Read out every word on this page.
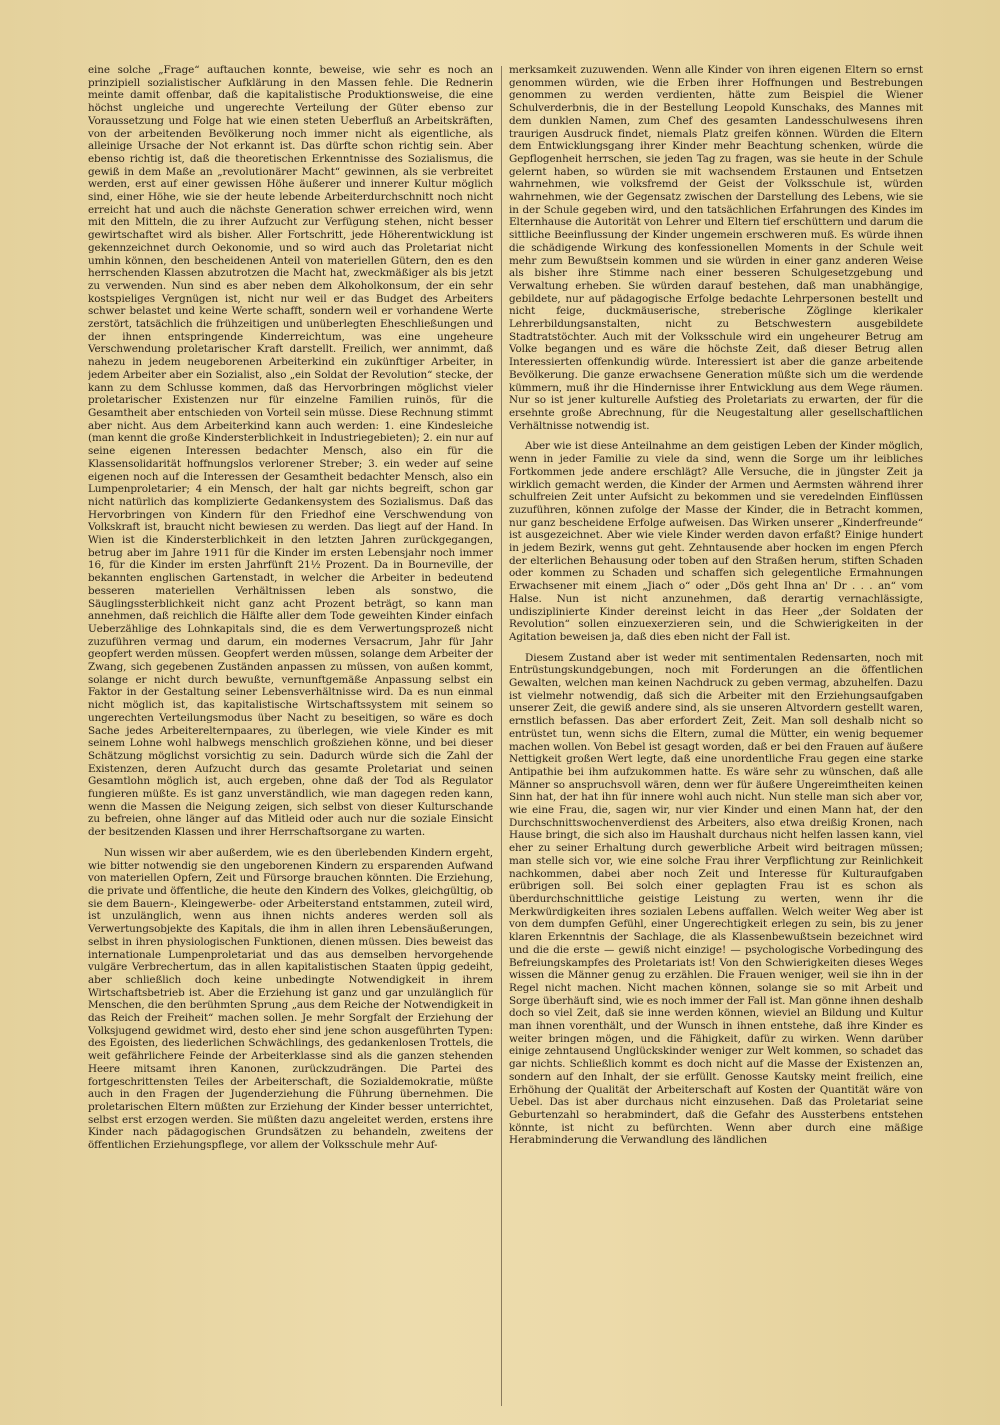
eine solche „Frage“ auftauchen konnte, beweise, wie sehr es noch an prinzipiell sozialistischer Aufklärung in den Massen fehle. Die Rednerin meinte damit offenbar, daß die kapitalistische Produktionsweise, die eine höchst ungleiche und ungerechte Verteilung der Güter ebenso zur Voraussetzung und Folge hat wie einen steten Ueberfluß an Arbeitskräften, von der arbeitenden Bevölkerung noch immer nicht als eigentliche, als alleinige Ursache der Not erkannt ist. Das dürfte schon richtig sein. Aber ebenso richtig ist, daß die theoretischen Erkenntnisse des Sozialismus, die gewiß in dem Maße an „revolutionärer Macht“ gewinnen, als sie verbreitet werden, erst auf einer gewissen Höhe äußerer und innerer Kultur möglich sind, einer Höhe, wie sie der heute lebende Arbeiterdurchschnitt noch nicht erreicht hat und auch die nächste Generation schwer erreichen wird, wenn mit den Mitteln, die zu ihrer Aufzucht zur Verfügung stehen, nicht besser gewirtschaftet wird als bisher. Aller Fortschritt, jede Höherentwicklung ist gekennzeichnet durch Oekonomie, und so wird auch das Proletariat nicht umhin können, den bescheidenen Anteil von materiellen Gütern, den es den herrschenden Klassen abzutrotzen die Macht hat, zweckmäßiger als bis jetzt zu verwenden. Nun sind es aber neben dem Alkoholkonsum, der ein sehr kostspieliges Vergnügen ist, nicht nur weil er das Budget des Arbeiters schwer belastet und keine Werte schafft, sondern weil er vorhandene Werte zerstört, tatsächlich die frühzeitigen und unüberlegten Eheschließungen und der ihnen entspringende Kinderreichtum, was eine ungeheure Verschwendung proletarischer Kraft darstellt. Freilich, wer annimmt, daß nahezu in jedem neugeborenen Arbeiterkind ein zukünftiger Arbeiter, in jedem Arbeiter aber ein Sozialist, also „ein Soldat der Revolution“ stecke, der kann zu dem Schlusse kommen, daß das Hervorbringen möglichst vieler proletarischer Existenzen nur für einzelne Familien ruinös, für die Gesamtheit aber entschieden von Vorteil sein müsse. Diese Rechnung stimmt aber nicht. Aus dem Arbeiterkind kann auch werden: 1. eine Kindesleiche (man kennt die große Kindersterblichkeit in Industriegebieten); 2. ein nur auf seine eigenen Interessen bedachter Mensch, also ein für die Klassensolidarität hoffnungslos verlorener Streber; 3. ein weder auf seine eigenen noch auf die Interessen der Gesamtheit bedachter Mensch, also ein Lumpenproletarier; 4 ein Mensch, der halt gar nichts begreift, schon gar nicht natürlich das komplizierte Gedankensystem des Sozialismus. Daß das Hervorbringen von Kindern für den Friedhof eine Verschwendung von Volkskraft ist, braucht nicht bewiesen zu werden. Das liegt auf der Hand. In Wien ist die Kindersterblichkeit in den letzten Jahren zurückgegangen, betrug aber im Jahre 1911 für die Kinder im ersten Lebensjahr noch immer 16, für die Kinder im ersten Jahrfünft 21½ Prozent. Da in Bourneville, der bekannten englischen Gartenstadt, in welcher die Arbeiter in bedeutend besseren materiellen Verhältnissen leben als sonstwo, die Säuglingssterblichkeit nicht ganz acht Prozent beträgt, so kann man annehmen, daß reichlich die Hälfte aller dem Tode geweihten Kinder einfach Ueberzählige des Lohnkapitals sind, die es dem Verwertungsprozeß nicht zuzuführen vermag und darum, ein modernes Versacrum, Jahr für Jahr geopfert werden müssen. Geopfert werden müssen, solange dem Arbeiter der Zwang, sich gegebenen Zuständen anpassen zu müssen, von außen kommt, solange er nicht durch bewußte, vernunftgemäße Anpassung selbst ein Faktor in der Gestaltung seiner Lebensverhältnisse wird. Da es nun einmal nicht möglich ist, das kapitalistische Wirtschaftssystem mit seinem so ungerechten Verteilungsmodus über Nacht zu beseitigen, so wäre es doch Sache jedes Arbeiterelternpaares, zu überlegen, wie viele Kinder es mit seinem Lohne wohl halbwegs menschlich großziehen könne, und bei dieser Schätzung möglichst vorsichtig zu sein. Dadurch würde sich die Zahl der Existenzen, deren Aufzucht durch das gesamte Proletariat und seinen Gesamtlohn möglich ist, auch ergeben, ohne daß der Tod als Regulator fungieren müßte. Es ist ganz unverständlich, wie man dagegen reden kann, wenn die Massen die Neigung zeigen, sich selbst von dieser Kulturschande zu befreien, ohne länger auf das Mitleid oder auch nur die soziale Einsicht der besitzenden Klassen und ihrer Herrschaftsorgane zu warten.

Nun wissen wir aber außerdem, wie es den überlebenden Kindern ergeht, wie bitter notwendig sie den ungeborenen Kindern zu ersparenden Aufwand von materiellen Opfern, Zeit und Fürsorge brauchen könnten. Die Erziehung, die private und öffentliche, die heute den Kindern des Volkes, gleichgültig, ob sie dem Bauern-, Kleingewerbe- oder Arbeiterstand entstammen, zuteil wird, ist unzulänglich, wenn aus ihnen nichts anderes werden soll als Verwertungsobjekte des Kapitals, die ihm in allen ihren Lebensäußerungen, selbst in ihren physiologischen Funktionen, dienen müssen. Dies beweist das internationale Lumpenproletariat und das aus demselben hervorgehende vulgäre Verbrechertum, das in allen kapitalistischen Staaten üppig gedeiht, aber schließlich doch keine unbedingte Notwendigkeit in ihrem Wirtschaftsbetrieb ist. Aber die Erziehung ist ganz und gar unzulänglich für Menschen, die den berühmten Sprung „aus dem Reiche der Notwendigkeit in das Reich der Freiheit“ machen sollen. Je mehr Sorgfalt der Erziehung der Volksjugend gewidmet wird, desto eher sind jene schon ausgeführten Typen: des Egoisten, des liederlichen Schwächlings, des gedankenlosen Trottels, die weit gefährlichere Feinde der Arbeiterklasse sind als die ganzen stehenden Heere mitsamt ihren Kanonen, zurückzudrängen. Die Partei des fortgeschrittensten Teiles der Arbeiterschaft, die Sozialdemokratie, müßte auch in den Fragen der Jugenderziehung die Führung übernehmen. Die proletarischen Eltern müßten zur Erziehung der Kinder besser unterrichtet, selbst erst erzogen werden. Sie müßten dazu angeleitet werden, erstens ihre Kinder nach pädagogischen Grundsätzen zu behandeln, zweitens der öffentlichen Erziehungspflege, vor allem der Volksschule mehr Auf-

merksamkeit zuzuwenden. Wenn alle Kinder von ihren eigenen Eltern so ernst genommen würden, wie die Erben ihrer Hoffnungen und Bestrebungen genommen zu werden verdienten, hätte zum Beispiel die Wiener Schulverderbnis, die in der Bestellung Leopold Kunschaks, des Mannes mit dem dunklen Namen, zum Chef des gesamten Landesschulwesens ihren traurigen Ausdruck findet, niemals Platz greifen können. Würden die Eltern dem Entwicklungsgang ihrer Kinder mehr Beachtung schenken, würde die Gepflogenheit herrschen, sie jeden Tag zu fragen, was sie heute in der Schule gelernt haben, so würden sie mit wachsendem Erstaunen und Entsetzen wahrnehmen, wie volksfremd der Geist der Volksschule ist, würden wahrnehmen, wie der Gegensatz zwischen der Darstellung des Lebens, wie sie in der Schule gegeben wird, und den tatsächlichen Erfahrungen des Kindes im Elternhause die Autorität von Lehrer und Eltern tief erschüttern und darum die sittliche Beeinflussung der Kinder ungemein erschweren muß. Es würde ihnen die schädigende Wirkung des konfessionellen Moments in der Schule weit mehr zum Bewußtsein kommen und sie würden in einer ganz anderen Weise als bisher ihre Stimme nach einer besseren Schulgesetzgebung und Verwaltung erheben. Sie würden darauf bestehen, daß man unabhängige, gebildete, nur auf pädagogische Erfolge bedachte Lehrpersonen bestellt und nicht feige, duckmäuserische, streberische Zöglinge klerikaler Lehrerbildungsanstalten, nicht zu Betschwestern ausgebildete Stadtratstöchter. Auch mit der Volksschule wird ein ungeheurer Betrug am Volke begangen und es wäre die höchste Zeit, daß dieser Betrug allen Interessierten offenkundig würde. Interessiert ist aber die ganze arbeitende Bevölkerung. Die ganze erwachsene Generation müßte sich um die werdende kümmern, muß ihr die Hindernisse ihrer Entwicklung aus dem Wege räumen. Nur so ist jener kulturelle Aufstieg des Proletariats zu erwarten, der für die ersehnte große Abrechnung, für die Neugestaltung aller gesellschaftlichen Verhältnisse notwendig ist.

Aber wie ist diese Anteilnahme an dem geistigen Leben der Kinder möglich, wenn in jeder Familie zu viele da sind, wenn die Sorge um ihr leibliches Fortkommen jede andere erschlägt? Alle Versuche, die in jüngster Zeit ja wirklich gemacht werden, die Kinder der Armen und Aermsten während ihrer schulfreien Zeit unter Aufsicht zu bekommen und sie veredelnden Einflüssen zuzuführen, können zufolge der Masse der Kinder, die in Betracht kommen, nur ganz bescheidene Erfolge aufweisen. Das Wirken unserer „Kinderfreunde“ ist ausgezeichnet. Aber wie viele Kinder werden davon erfaßt? Einige hundert in jedem Bezirk, wenns gut geht. Zehntausende aber hocken im engen Pferch der elterlichen Behausung oder toben auf den Straßen herum, stiften Schaden oder kommen zu Schaden und schaffen sich gelegentliche Ermahnungen Erwachsener mit einem „Jiach o“ oder „Dös geht Ihna an' Dr . . . an“ vom Halse. Nun ist nicht anzunehmen, daß derartig vernachlässigte, undisziplinierte Kinder dereinst leicht in das Heer „der Soldaten der Revolution“ sollen einzuexerzieren sein, und die Schwierigkeiten in der Agitation beweisen ja, daß dies eben nicht der Fall ist.

Diesem Zustand aber ist weder mit sentimentalen Redensarten, noch mit Entrüstungskundgebungen, noch mit Forderungen an die öffentlichen Gewalten, welchen man keinen Nachdruck zu geben vermag, abzuhelfen. Dazu ist vielmehr notwendig, daß sich die Arbeiter mit den Erziehungsaufgaben unserer Zeit, die gewiß andere sind, als sie unseren Altvordern gestellt waren, ernstlich befassen. Das aber erfordert Zeit, Zeit. Man soll deshalb nicht so entrüstet tun, wenn sichs die Eltern, zumal die Mütter, ein wenig bequemer machen wollen. Von Bebel ist gesagt worden, daß er bei den Frauen auf äußere Nettigkeit großen Wert legte, daß eine unordentliche Frau gegen eine starke Antipathie bei ihm aufzukommen hatte. Es wäre sehr zu wünschen, daß alle Männer so anspruchsvoll wären, denn wer für äußere Ungereimtheiten keinen Sinn hat, der hat ihn für innere wohl auch nicht. Nun stelle man sich aber vor, wie eine Frau, die, sagen wir, nur vier Kinder und einen Mann hat, der den Durchschnittswochenverdienst des Arbeiters, also etwa dreißig Kronen, nach Hause bringt, die sich also im Haushalt durchaus nicht helfen lassen kann, viel eher zu seiner Erhaltung durch gewerbliche Arbeit wird beitragen müssen; man stelle sich vor, wie eine solche Frau ihrer Verpflichtung zur Reinlichkeit nachkommen, dabei aber noch Zeit und Interesse für Kulturaufgaben erübrigen soll. Bei solch einer geplagten Frau ist es schon als überdurchschnittliche geistige Leistung zu werten, wenn ihr die Merkwürdigkeiten ihres sozialen Lebens auffallen. Welch weiter Weg aber ist von dem dumpfen Gefühl, einer Ungerechtigkeit erlegen zu sein, bis zu jener klaren Erkenntnis der Sachlage, die als Klassenbewußtsein bezeichnet wird und die die erste — gewiß nicht einzige! — psychologische Vorbedingung des Befreiungskampfes des Proletariats ist! Von den Schwierigkeiten dieses Weges wissen die Männer genug zu erzählen. Die Frauen weniger, weil sie ihn in der Regel nicht machen. Nicht machen können, solange sie so mit Arbeit und Sorge überhäuft sind, wie es noch immer der Fall ist. Man gönne ihnen deshalb doch so viel Zeit, daß sie inne werden können, wieviel an Bildung und Kultur man ihnen vorenthält, und der Wunsch in ihnen entstehe, daß ihre Kinder es weiter bringen mögen, und die Fähigkeit, dafür zu wirken. Wenn darüber einige zehntausend Unglückskinder weniger zur Welt kommen, so schadet das gar nichts. Schließlich kommt es doch nicht auf die Masse der Existenzen an, sondern auf den Inhalt, der sie erfüllt. Genosse Kautsky meint freilich, eine Erhöhung der Qualität der Arbeiterschaft auf Kosten der Quantität wäre von Uebel. Das ist aber durchaus nicht einzusehen. Daß das Proletariat seine Geburtenzahl so herabmindert, daß die Gefahr des Aussterbens entstehen könnte, ist nicht zu befürchten. Wenn aber durch eine mäßige Herabminderung die Verwandlung des ländlichen
